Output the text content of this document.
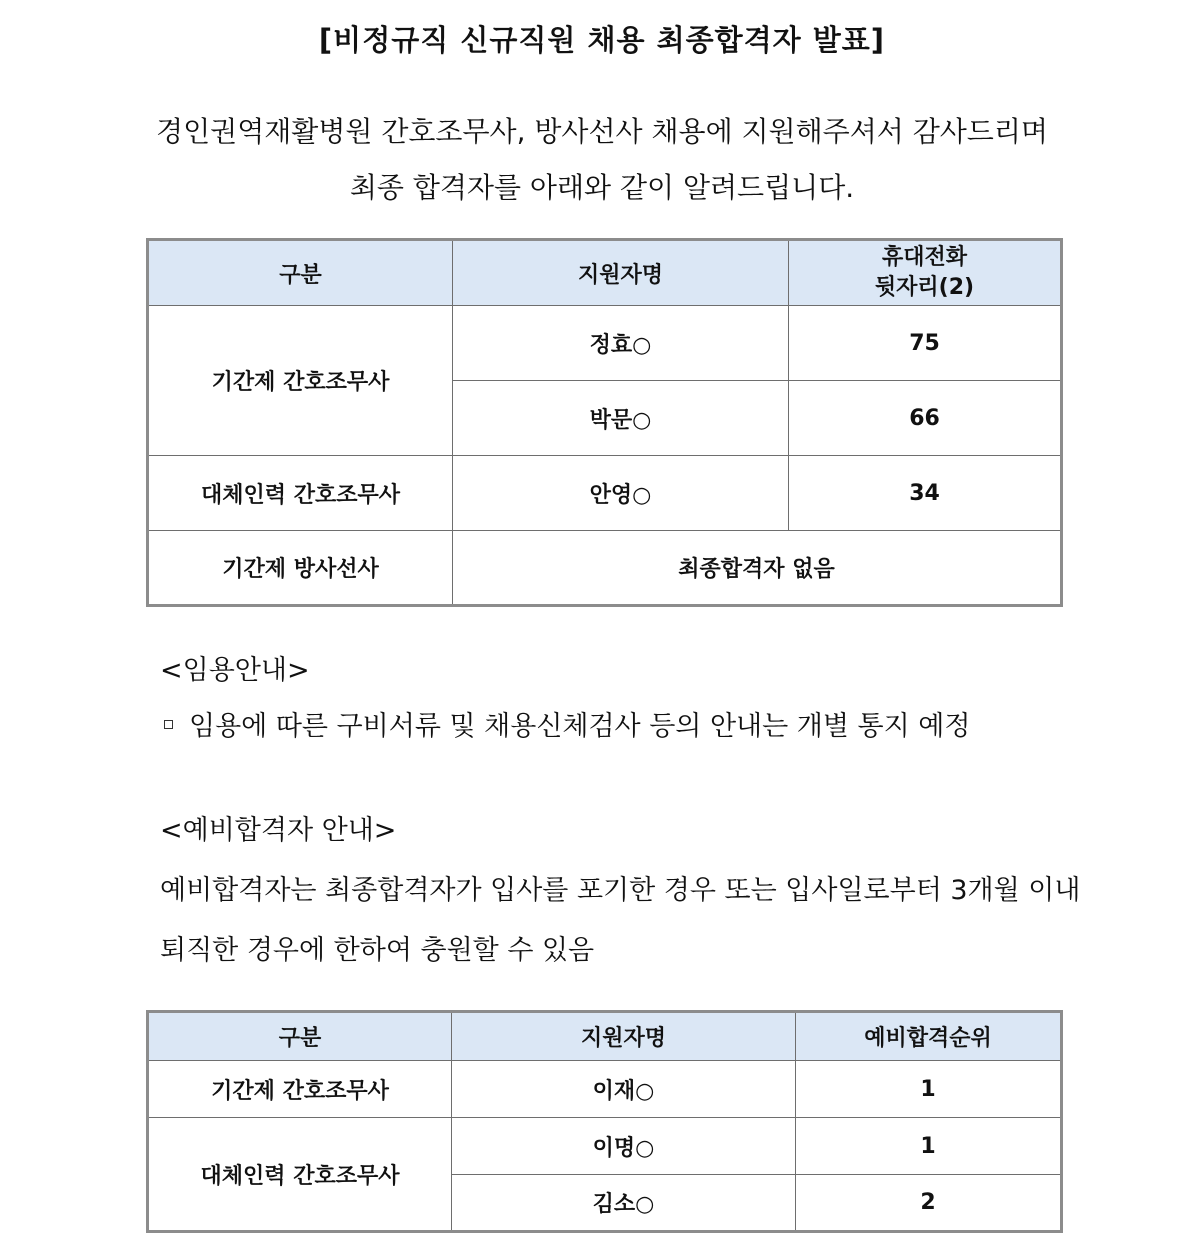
[비정규직 신규직원 채용 최종합격자 발표]
경인권역재활병원 간호조무사, 방사선사 채용에 지원해주셔서 감사드리며
최종 합격자를 아래와 같이 알려드립니다.
구분	지원자명	휴대전화
뒷자리(2)

기간제 간호조무사	정효○	75
	박문○	66
대체인력 간호조무사	안영○	34
기간제 방사선사	최종합격자 없음	
<임용안내>
임용에 따른 구비서류 및 채용신체검사 등의 안내는 개별 통지 예정
<예비합격자 안내>
예비합격자는 최종합격자가 입사를 포기한 경우 또는 입사일로부터 3개월 이내
퇴직한 경우에 한하여 충원할 수 있음
구분	지원자명	예비합격순위
기간제 간호조무사	이재○	1
대체인력 간호조무사	이명○	1
	김소○	2
